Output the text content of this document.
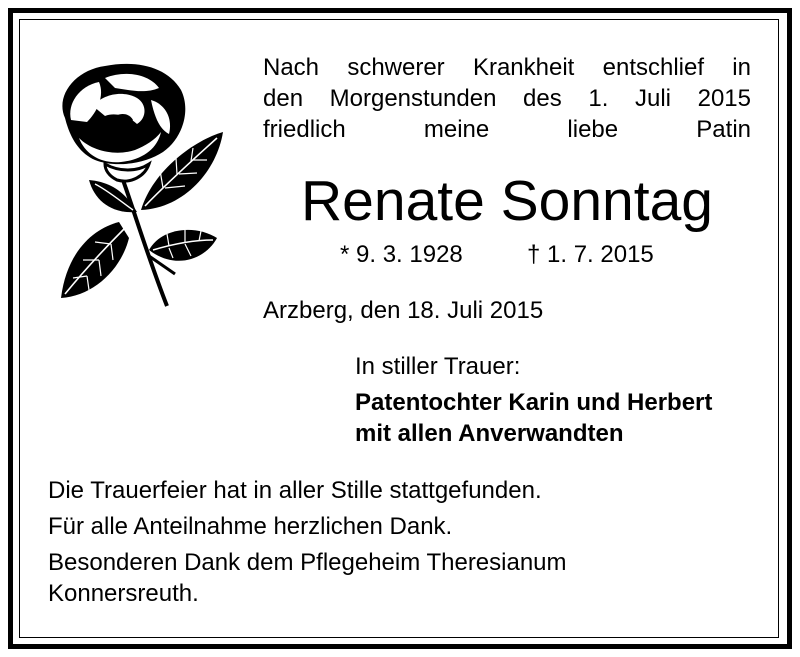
Nach schwerer Krankheit entschlief in
den Morgenstunden des 1. Juli 2015
friedlich meine liebe Patin
Renate Sonntag
* 9. 3. 1928	† 1. 7. 2015
Arzberg, den 18. Juli 2015
In stiller Trauer:
Patentochter Karin und Herbert
mit allen Anverwandten

Die Trauerfeier hat in aller Stille stattgefunden.

Für alle Anteilnahme herzlichen Dank.

Besonderen Dank dem Pflegeheim Theresianum

Konnersreuth.
